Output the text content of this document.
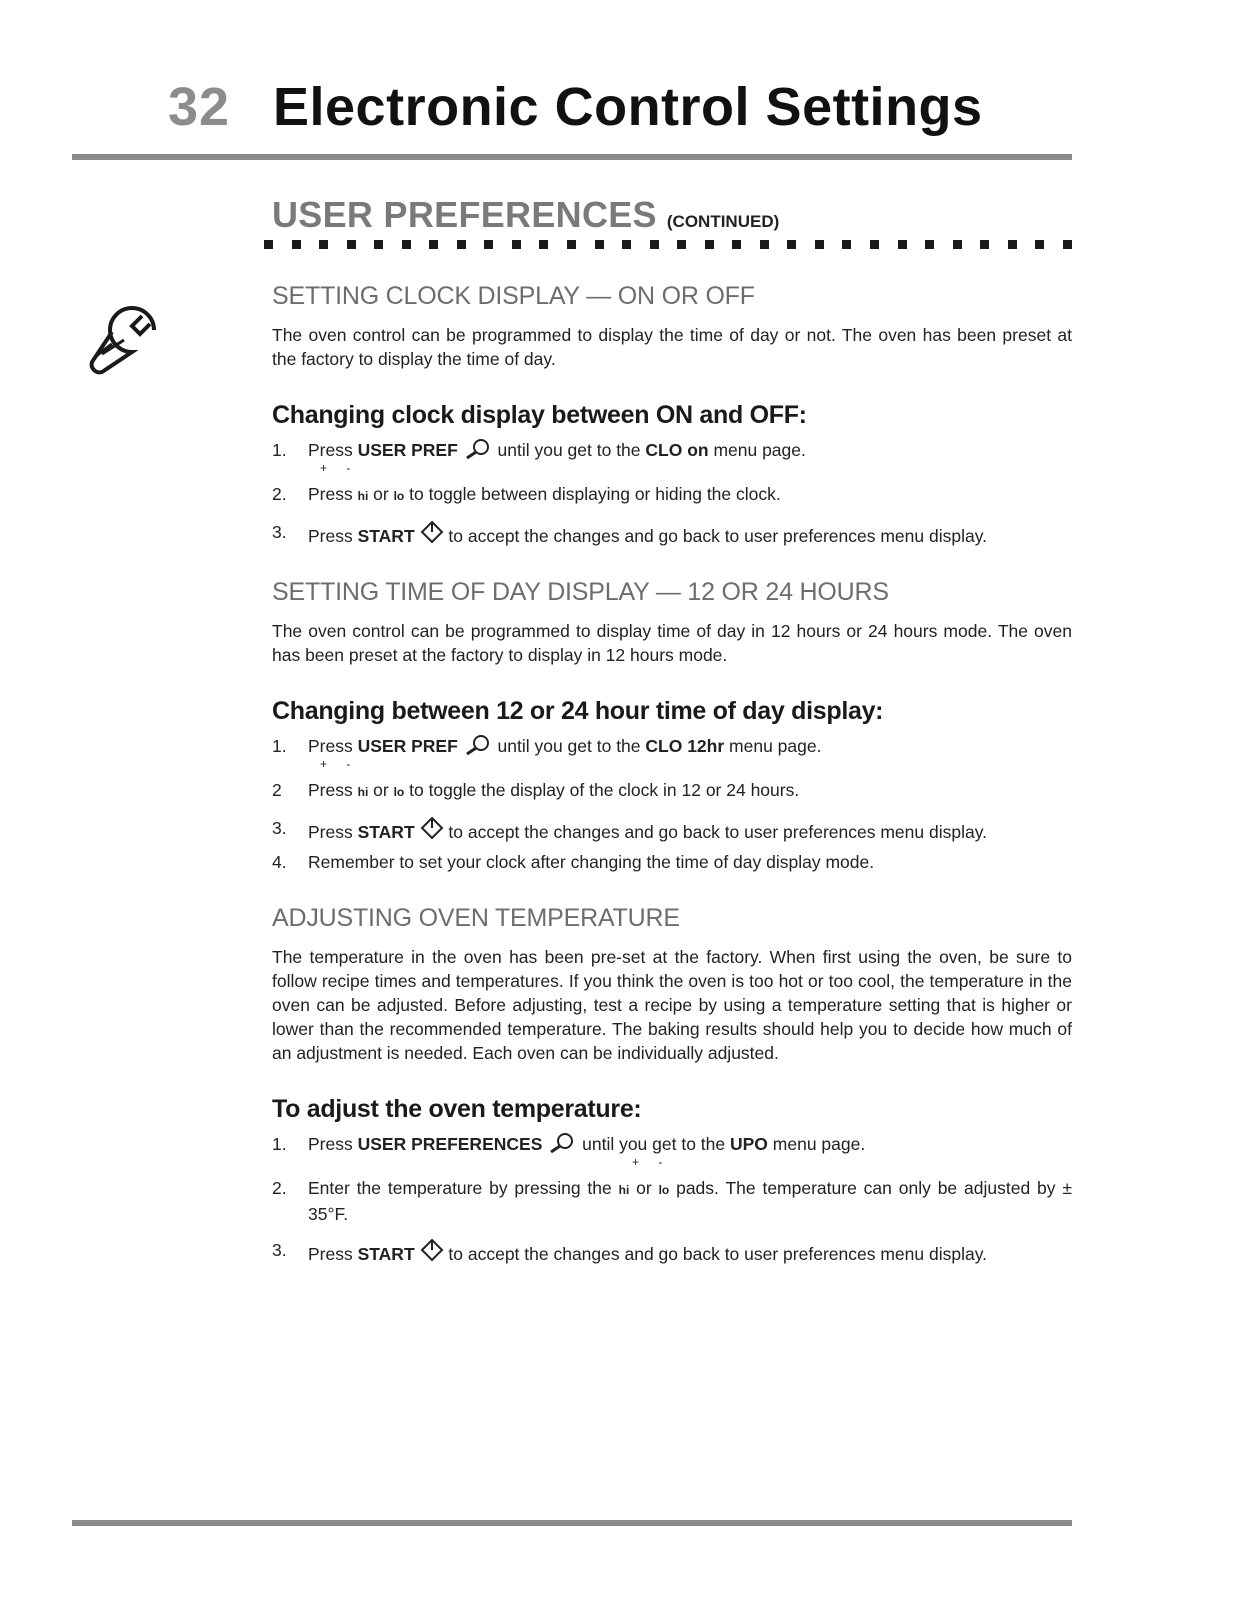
32 Electronic Control Settings
USER PREFERENCES (CONTINUED)
SETTING CLOCK DISPLAY — ON OR OFF

The oven control can be programmed to display the time of day or not. The oven has been preset at the factory to display the time of day.

Changing clock display between ON and OFF:
1.	Press USER PREF  until you get to the CLO on menu page.
+ -
2.	Press hi or lo to toggle between displaying or hiding the clock.
3.	Press START  to accept the changes and go back to user preferences menu display.
SETTING TIME OF DAY DISPLAY — 12 OR 24 HOURS

The oven control can be programmed to display time of day in 12 hours or 24 hours mode. The oven has been preset at the factory to display in 12 hours mode.

Changing between 12 or 24 hour time of day display:
1.	Press USER PREF  until you get to the CLO 12hr menu page.
+ -
2	Press hi or lo to toggle the display of the clock in 12 or 24 hours.
3.	Press START  to accept the changes and go back to user preferences menu display.
4.	Remember to set your clock after changing the time of day display mode.
ADJUSTING OVEN TEMPERATURE

The temperature in the oven has been pre-set at the factory. When first using the oven, be sure to follow recipe times and temperatures. If you think the oven is too hot or too cool, the temperature in the oven can be adjusted. Before adjusting, test a recipe by using a temperature setting that is higher or lower than the recommended temperature. The baking results should help you to decide how much of an adjustment is needed. Each oven can be individually adjusted.

To adjust the oven temperature:
1.	Press USER PREFERENCES  until you get to the UPO menu page.
+ -
2.	Enter the temperature by pressing the hi or lo pads. The temperature can only be adjusted by ± 35°F.
3.	Press START  to accept the changes and go back to user preferences menu display.
